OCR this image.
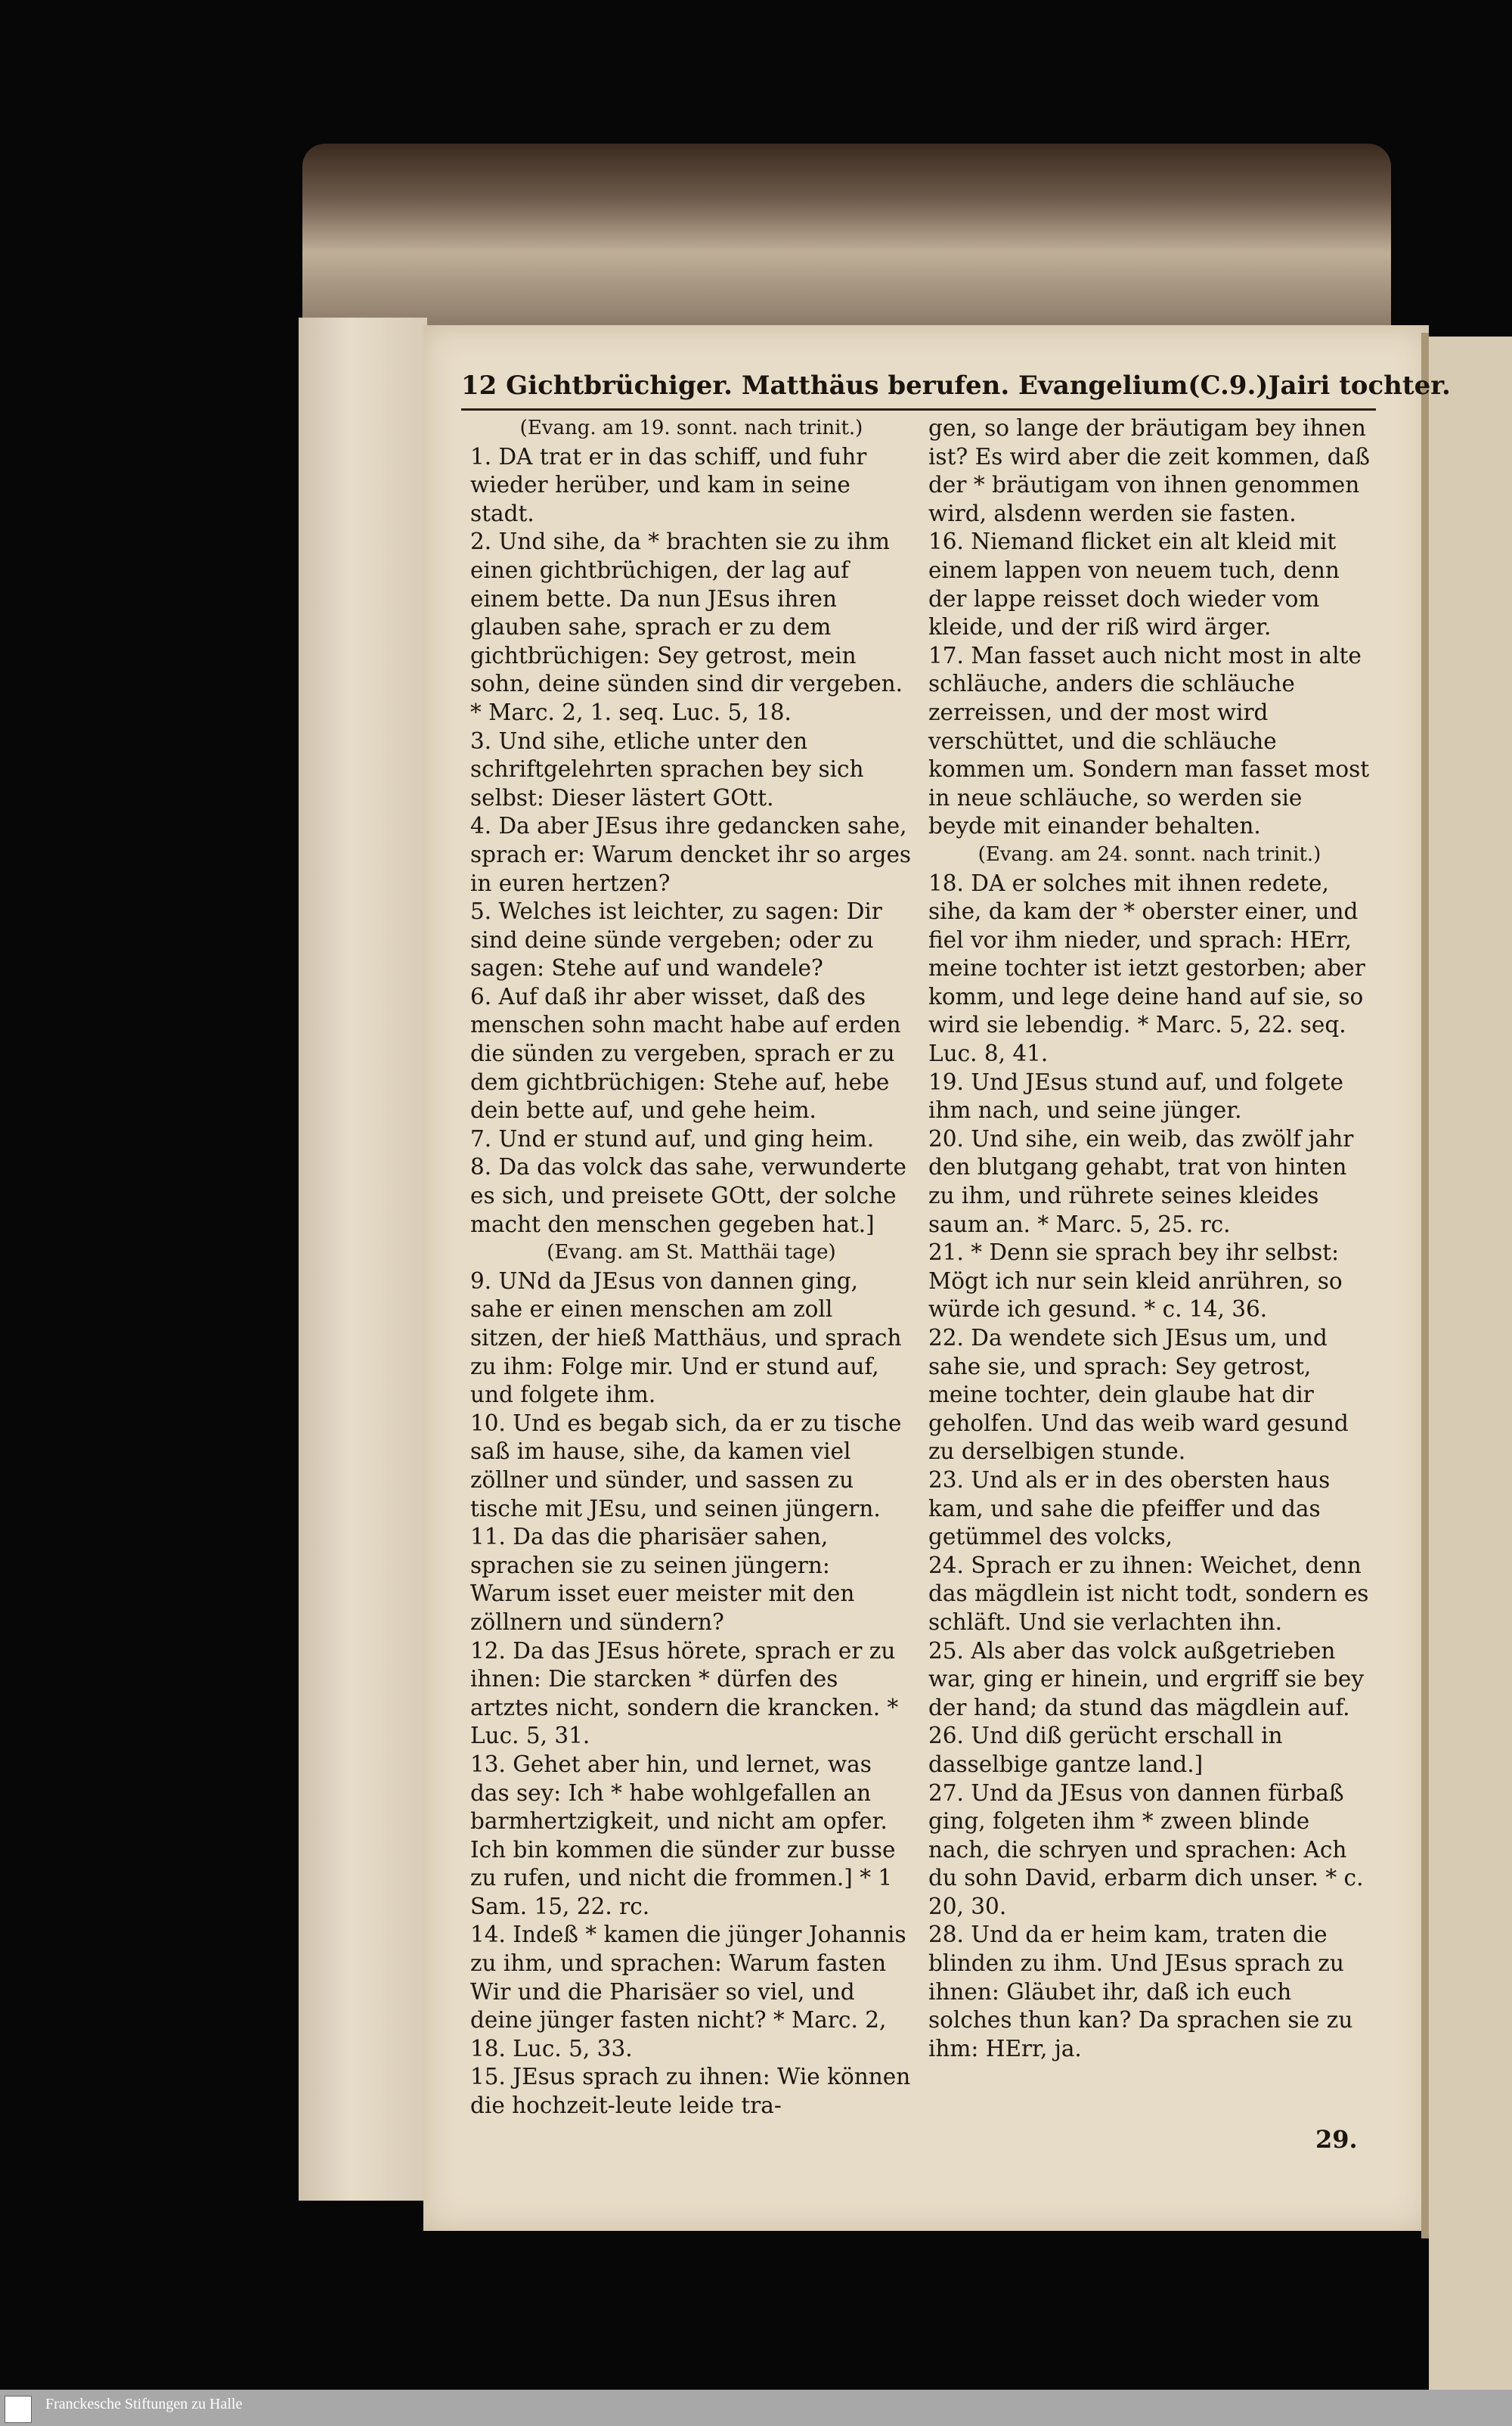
12 Gichtbrüchiger. Matthäus berufen. Evangelium (C.9.) Jairi tochter.

(Evang. am 19. sonnt. nach trinit.)

1. DA trat er in das schiff, und fuhr wieder herüber, und kam in seine stadt.

2. Und sihe, da * brachten sie zu ihm einen gichtbrüchigen, der lag auf einem bette. Da nun JEsus ihren glauben sahe, sprach er zu dem gichtbrüchigen: Sey getrost, mein sohn, deine sünden sind dir vergeben. * Marc. 2, 1. seq. Luc. 5, 18.

3. Und sihe, etliche unter den schriftgelehrten sprachen bey sich selbst: Dieser lästert GOtt.

4. Da aber JEsus ihre gedancken sahe, sprach er: Warum dencket ihr so arges in euren hertzen?

5. Welches ist leichter, zu sagen: Dir sind deine sünde vergeben; oder zu sagen: Stehe auf und wandele?

6. Auf daß ihr aber wisset, daß des menschen sohn macht habe auf erden die sünden zu vergeben, sprach er zu dem gichtbrüchigen: Stehe auf, hebe dein bette auf, und gehe heim.

7. Und er stund auf, und ging heim.

8. Da das volck das sahe, verwunderte es sich, und preisete GOtt, der solche macht den menschen gegeben hat.]

(Evang. am St. Matthäi tage)

9. UNd da JEsus von dannen ging, sahe er einen menschen am zoll sitzen, der hieß Matthäus, und sprach zu ihm: Folge mir. Und er stund auf, und folgete ihm.

10. Und es begab sich, da er zu tische saß im hause, sihe, da kamen viel zöllner und sünder, und sassen zu tische mit JEsu, und seinen jüngern.

11. Da das die pharisäer sahen, sprachen sie zu seinen jüngern: Warum isset euer meister mit den zöllnern und sündern?

12. Da das JEsus hörete, sprach er zu ihnen: Die starcken * dürfen des artztes nicht, sondern die krancken. * Luc. 5, 31.

13. Gehet aber hin, und lernet, was das sey: Ich * habe wohlgefallen an barmhertzigkeit, und nicht am opfer. Ich bin kommen die sünder zur busse zu rufen, und nicht die frommen.] * 1 Sam. 15, 22. rc.

14. Indeß * kamen die jünger Johannis zu ihm, und sprachen: Warum fasten Wir und die Pharisäer so viel, und deine jünger fasten nicht? * Marc. 2, 18. Luc. 5, 33.

15. JEsus sprach zu ihnen: Wie können die hochzeit-leute leide tra-

gen, so lange der bräutigam bey ihnen ist? Es wird aber die zeit kommen, daß der * bräutigam von ihnen genommen wird, alsdenn werden sie fasten.

16. Niemand flicket ein alt kleid mit einem lappen von neuem tuch, denn der lappe reisset doch wieder vom kleide, und der riß wird ärger.

17. Man fasset auch nicht most in alte schläuche, anders die schläuche zerreissen, und der most wird verschüttet, und die schläuche kommen um. Sondern man fasset most in neue schläuche, so werden sie beyde mit einander behalten.

(Evang. am 24. sonnt. nach trinit.)

18. DA er solches mit ihnen redete, sihe, da kam der * oberster einer, und fiel vor ihm nieder, und sprach: HErr, meine tochter ist ietzt gestorben; aber komm, und lege deine hand auf sie, so wird sie lebendig. * Marc. 5, 22. seq. Luc. 8, 41.

19. Und JEsus stund auf, und folgete ihm nach, und seine jünger.

20. Und sihe, ein weib, das zwölf jahr den blutgang gehabt, trat von hinten zu ihm, und rührete seines kleides saum an. * Marc. 5, 25. rc.

21. * Denn sie sprach bey ihr selbst: Mögt ich nur sein kleid anrühren, so würde ich gesund. * c. 14, 36.

22. Da wendete sich JEsus um, und sahe sie, und sprach: Sey getrost, meine tochter, dein glaube hat dir geholfen. Und das weib ward gesund zu derselbigen stunde.

23. Und als er in des obersten haus kam, und sahe die pfeiffer und das getümmel des volcks,

24. Sprach er zu ihnen: Weichet, denn das mägdlein ist nicht todt, sondern es schläft. Und sie verlachten ihn.

25. Als aber das volck außgetrieben war, ging er hinein, und ergriff sie bey der hand; da stund das mägdlein auf.

26. Und diß gerücht erschall in dasselbige gantze land.]

27. Und da JEsus von dannen fürbaß ging, folgeten ihm * zween blinde nach, die schryen und sprachen: Ach du sohn David, erbarm dich unser. * c. 20, 30.

28. Und da er heim kam, traten die blinden zu ihm. Und JEsus sprach zu ihnen: Gläubet ihr, daß ich euch solches thun kan? Da sprachen sie zu ihm: HErr, ja.

29.
Franckesche Stiftungen zu Halle
